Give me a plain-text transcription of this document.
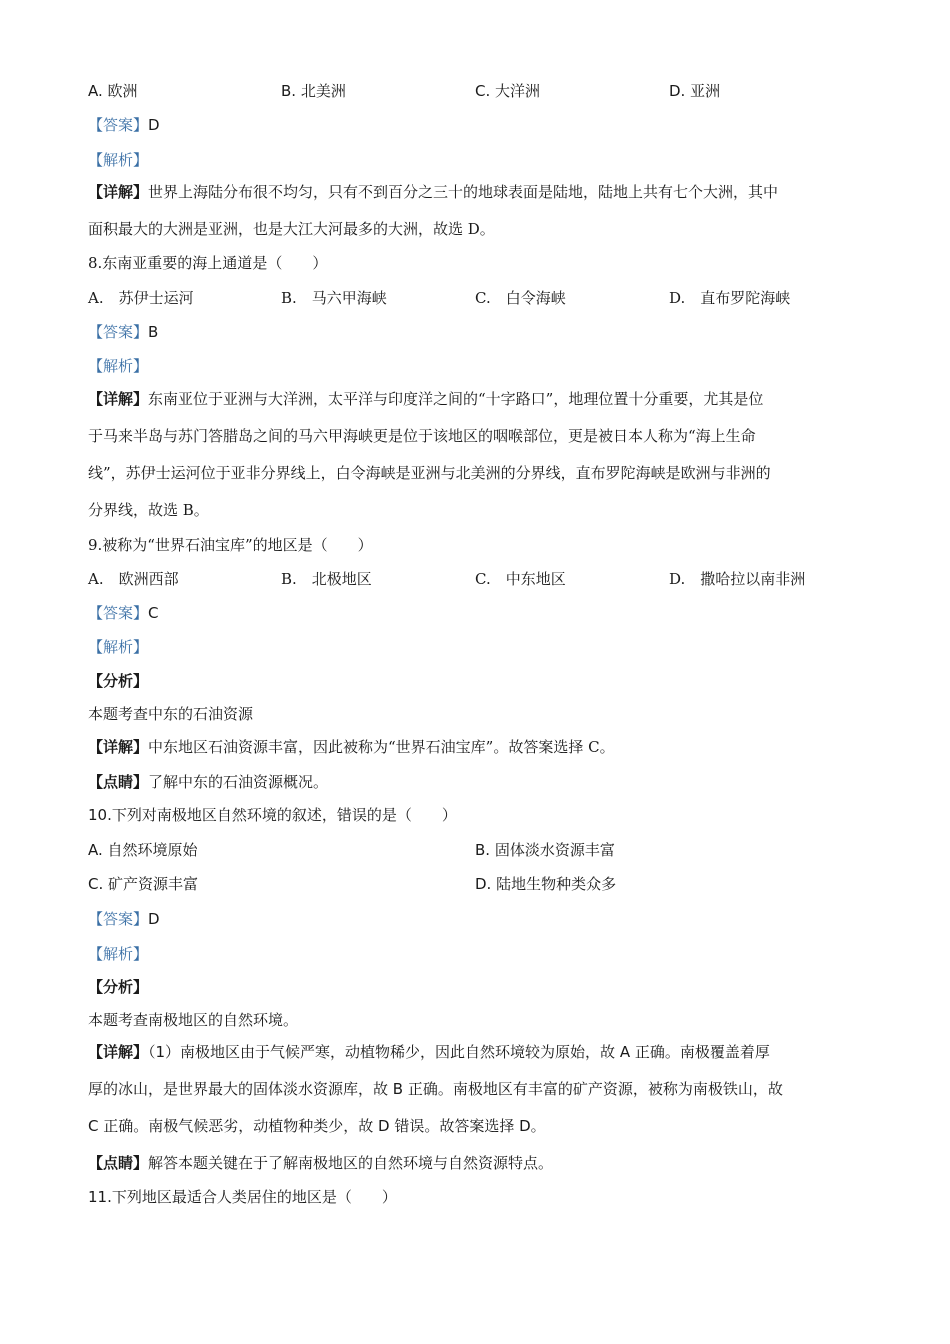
A. 欧洲	B. 北美洲	C. 大洋洲	D. 亚洲
【答案】D
【解析】

【详解】世界上海陆分布很不均匀，只有不到百分之三十的地球表面是陆地，陆地上共有七个大洲，其中

面积最大的大洲是亚洲，也是大江大河最多的大洲，故选 D。

8.东南亚重要的海上通道是（　　）
A.　苏伊士运河	B.　马六甲海峡	C.　白令海峡	D.　直布罗陀海峡
【答案】B
【解析】

【详解】东南亚位于亚洲与大洋洲，太平洋与印度洋之间的“十字路口”，地理位置十分重要，尤其是位

于马来半岛与苏门答腊岛之间的马六甲海峡更是位于该地区的咽喉部位，更是被日本人称为“海上生命

线”，苏伊士运河位于亚非分界线上，白令海峡是亚洲与北美洲的分界线，直布罗陀海峡是欧洲与非洲的

分界线，故选 B。

9.被称为“世界石油宝库”的地区是（　　）
A.　欧洲西部	B.　北极地区	C.　中东地区	D.　撒哈拉以南非洲
【答案】C
【解析】
【分析】
本题考查中东的石油资源
【详解】中东地区石油资源丰富，因此被称为“世界石油宝库”。故答案选择 C。
【点睛】了解中东的石油资源概况。
10.下列对南极地区自然环境的叙述，错误的是（　　）
A. 自然环境原始	B. 固体淡水资源丰富
C. 矿产资源丰富	D. 陆地生物种类众多
【答案】D
【解析】
【分析】
本题考查南极地区的自然环境。

【详解】（1）南极地区由于气候严寒，动植物稀少，因此自然环境较为原始，故 A 正确。南极覆盖着厚

厚的冰山，是世界最大的固体淡水资源库，故 B 正确。南极地区有丰富的矿产资源，被称为南极铁山，故

C 正确。南极气候恶劣，动植物种类少，故 D 错误。故答案选择 D。

【点睛】解答本题关键在于了解南极地区的自然环境与自然资源特点。
11.下列地区最适合人类居住的地区是（　　）
